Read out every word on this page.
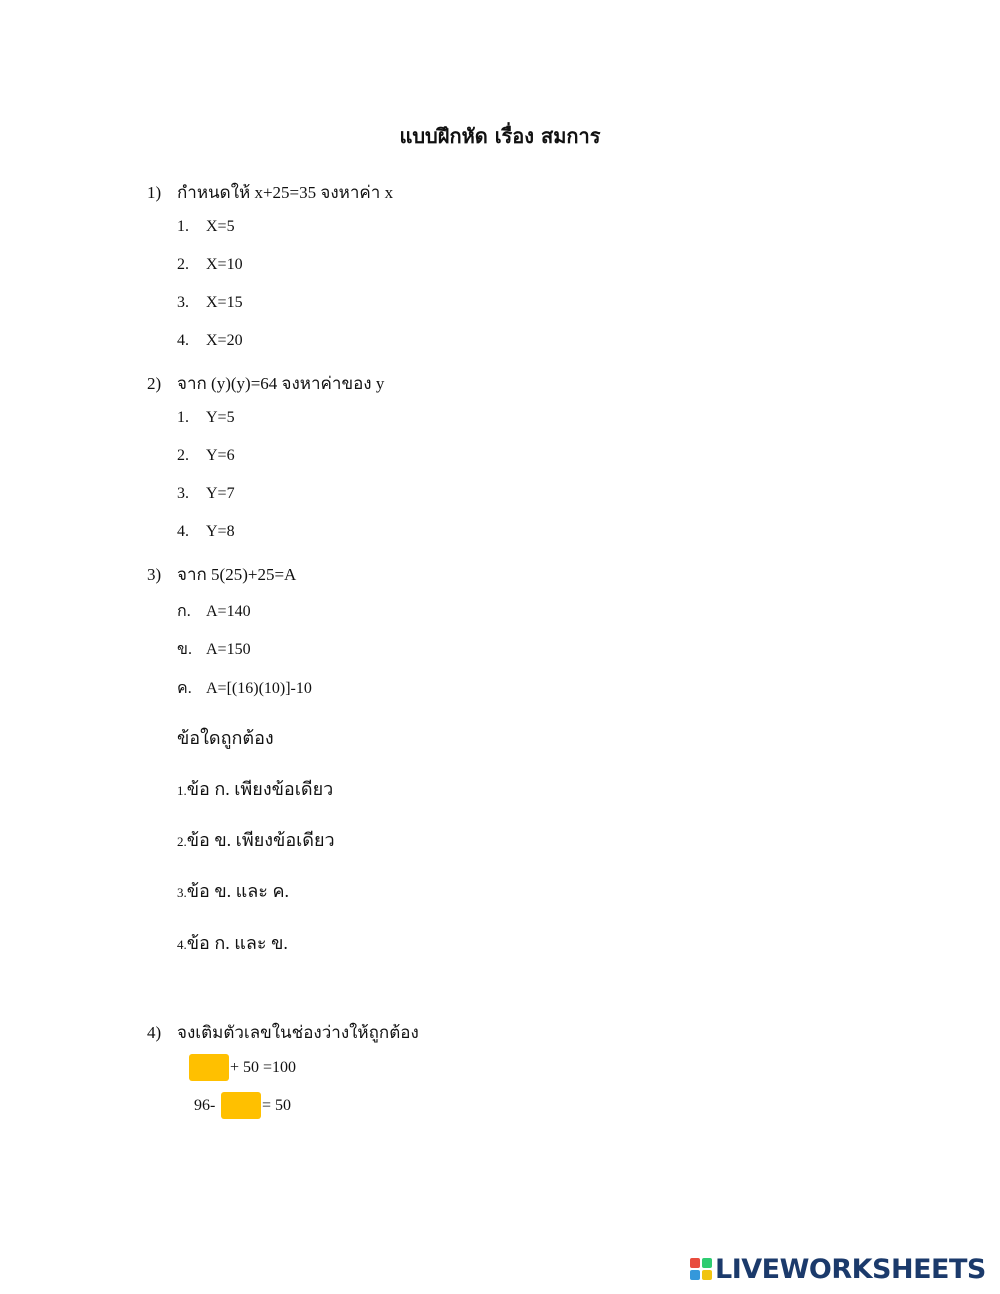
แบบฝึกหัด เรื่อง สมการ
1) กำหนดให้ x+25=35 จงหาค่า x
1. X=5
2. X=10
3. X=15
4. X=20
2) จาก (y)(y)=64 จงหาค่าของ y
1. Y=5
2. Y=6
3. Y=7
4. Y=8
3) จาก 5(25)+25=A
ก. A=140
ข. A=150
ค. A=[(16)(10)]-10
ข้อใดถูกต้อง
1.ข้อ ก. เพียงข้อเดียว
2.ข้อ ข. เพียงข้อเดียว
3.ข้อ ข. และ ค.
4.ข้อ ก. และ ข.
4) จงเติมตัวเลขในช่องว่างให้ถูกต้อง
+ 50 =100
96-	= 50
LIVEWORKSHEETS
